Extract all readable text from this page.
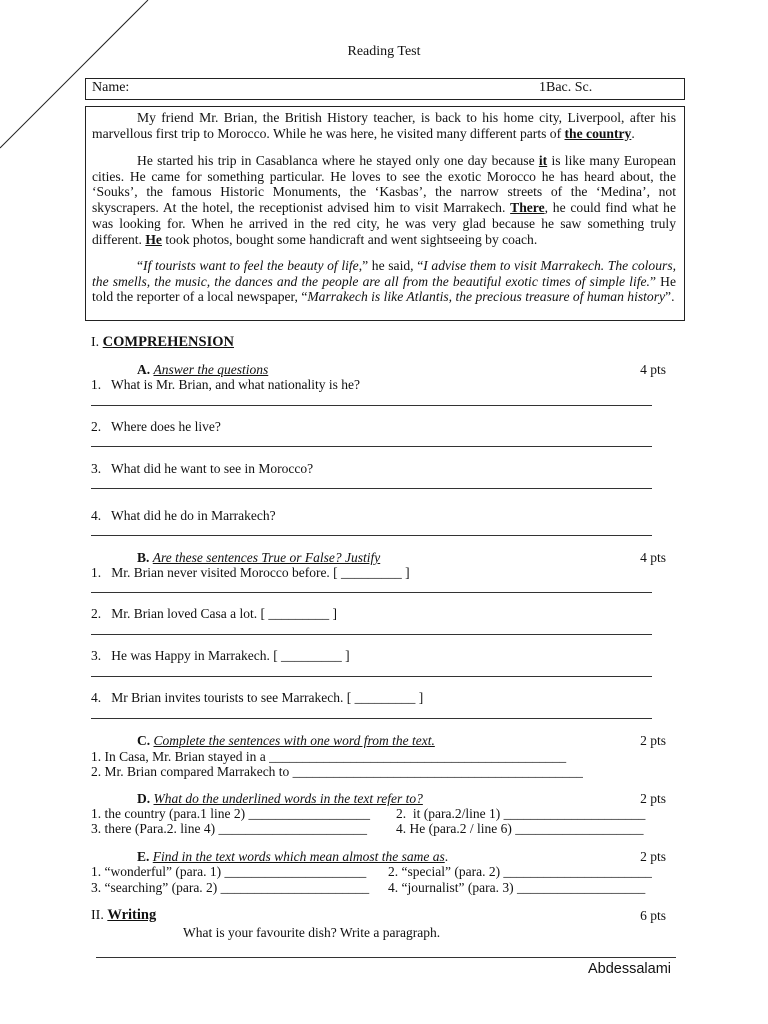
Reading Test
Name:	1Bac. Sc.

My friend Mr. Brian, the British History teacher, is back to his home city, Liverpool, after his marvellous first trip to Morocco. While he was here, he visited many different parts of the country.

He started his trip in Casablanca where he stayed only one day because it is like many European cities. He came for something particular. He loves to see the exotic Morocco he has heard about, the ‘Souks’, the famous Historic Monuments, the ‘Kasbas’, the narrow streets of the ‘Medina’, not skyscrapers. At the hotel, the receptionist advised him to visit Marrakech. There, he could find what he was looking for. When he arrived in the red city, he was very glad because he saw something truly different. He took photos, bought some handicraft and went sightseeing by coach.

“If tourists want to feel the beauty of life,” he said, “I advise them to visit Marrakech. The colours, the smells, the music, the dances and the people are all from the beautiful exotic times of simple life.” He told the reporter of a local newspaper, “Marrakech is like Atlantis, the precious treasure of human history”.

I. COMPREHENSION
A. Answer the questions	4 pts
1.   What is Mr. Brian, and what nationality is he?
2.   Where does he live?
3.   What did he want to see in Morocco?
4.   What did he do in Marrakech?
B. Are these sentences True or False? Justify	4 pts
1.   Mr. Brian never visited Morocco before. [ _________ ]
2.   Mr. Brian loved Casa a lot. [ _________ ]
3.   He was Happy in Marrakech. [ _________ ]
4.   Mr Brian invites tourists to see Marrakech. [ _________ ]
C. Complete the sentences with one word from the text.	2 pts
1. In Casa, Mr. Brian stayed in a ____________________________________________
2. Mr. Brian compared Marrakech to ___________________________________________
D. What do the underlined words in the text refer to?	2 pts
1. the country (para.1 line 2) __________________ 2.  it (para.2/line 1) _____________________
3. there (Para.2. line 4) ______________________ 4. He (para.2 / line 6) ___________________
E. Find in the text words which mean almost the same as.	2 pts
1. “wonderful” (para. 1) _____________________ 2. “special” (para. 2) ______________________
3. “searching” (para. 2) ______________________ 4. “journalist” (para. 3) ___________________
II. Writing	6 pts
What is your favourite dish? Write a paragraph.
Abdessalami
